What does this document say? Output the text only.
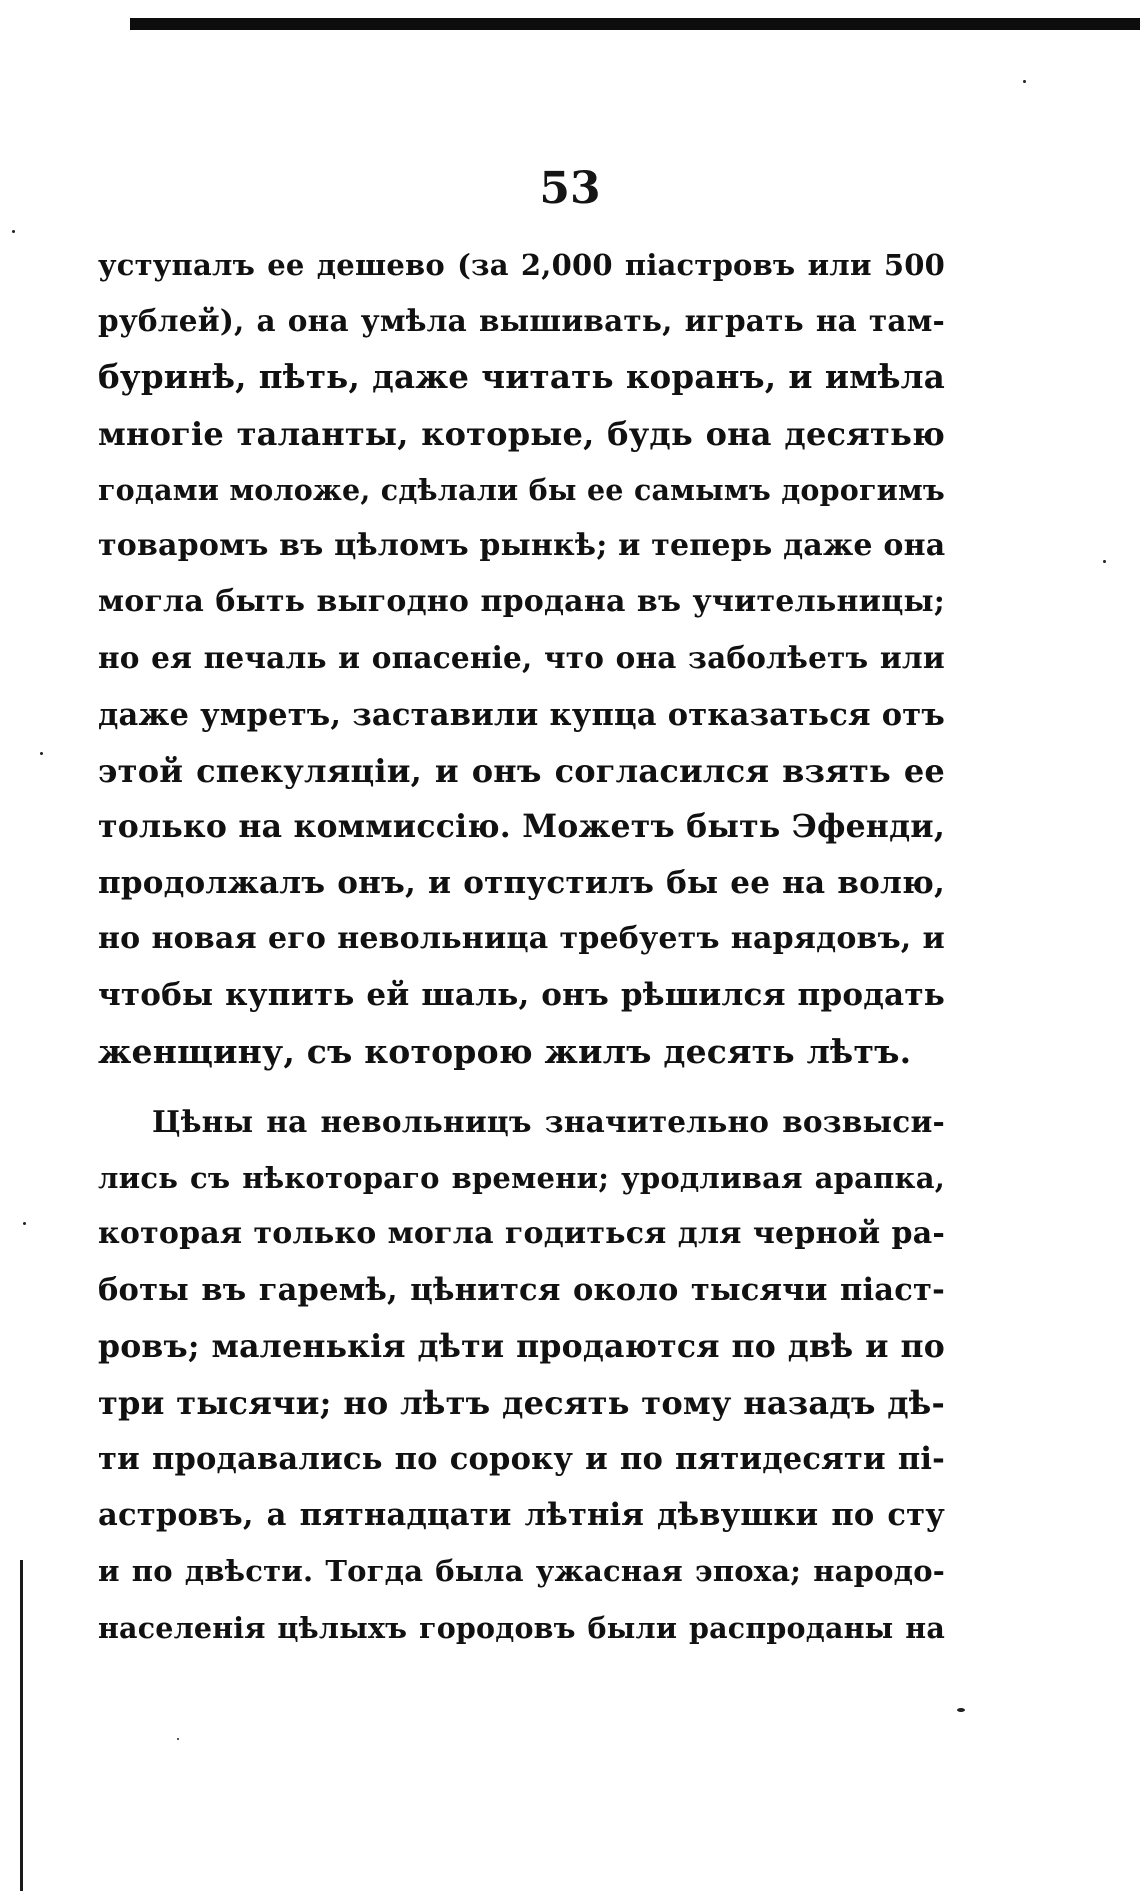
53
уступалъ ее дешево (за 2,000 піастровъ или 500
рублей), а она умѣла вышивать, играть на там-
буринѣ, пѣть, даже читать коранъ, и имѣла
многіе таланты, которые, будь она десятью
годами моложе, сдѣлали бы ее самымъ дорогимъ
товаромъ въ цѣломъ рынкѣ; и теперь даже она
могла быть выгодно продана въ учительницы;
но ея печаль и опасеніе, что она заболѣетъ или
даже умретъ, заставили купца отказаться отъ
этой спекуляціи, и онъ согласился взять ее
только на коммиссію. Можетъ быть Эфенди,
продолжалъ онъ, и отпустилъ бы ее на волю,
но новая его невольница требуетъ нарядовъ, и
чтобы купить ей шаль, онъ рѣшился продать
женщину, съ которою жилъ десять лѣтъ.
Цѣны на невольницъ значительно возвыси-
лись съ нѣкотораго времени; уродливая арапка,
которая только могла годиться для черной ра-
боты въ гаремѣ, цѣнится около тысячи піаст-
ровъ; маленькія дѣти продаются по двѣ и по
три тысячи; но лѣтъ десять тому назадъ дѣ-
ти продавались по сороку и по пятидесяти пі-
астровъ, а пятнадцати лѣтнія дѣвушки по сту
и по двѣсти. Тогда была ужасная эпоха; народо-
населенія цѣлыхъ городовъ были распроданы на
